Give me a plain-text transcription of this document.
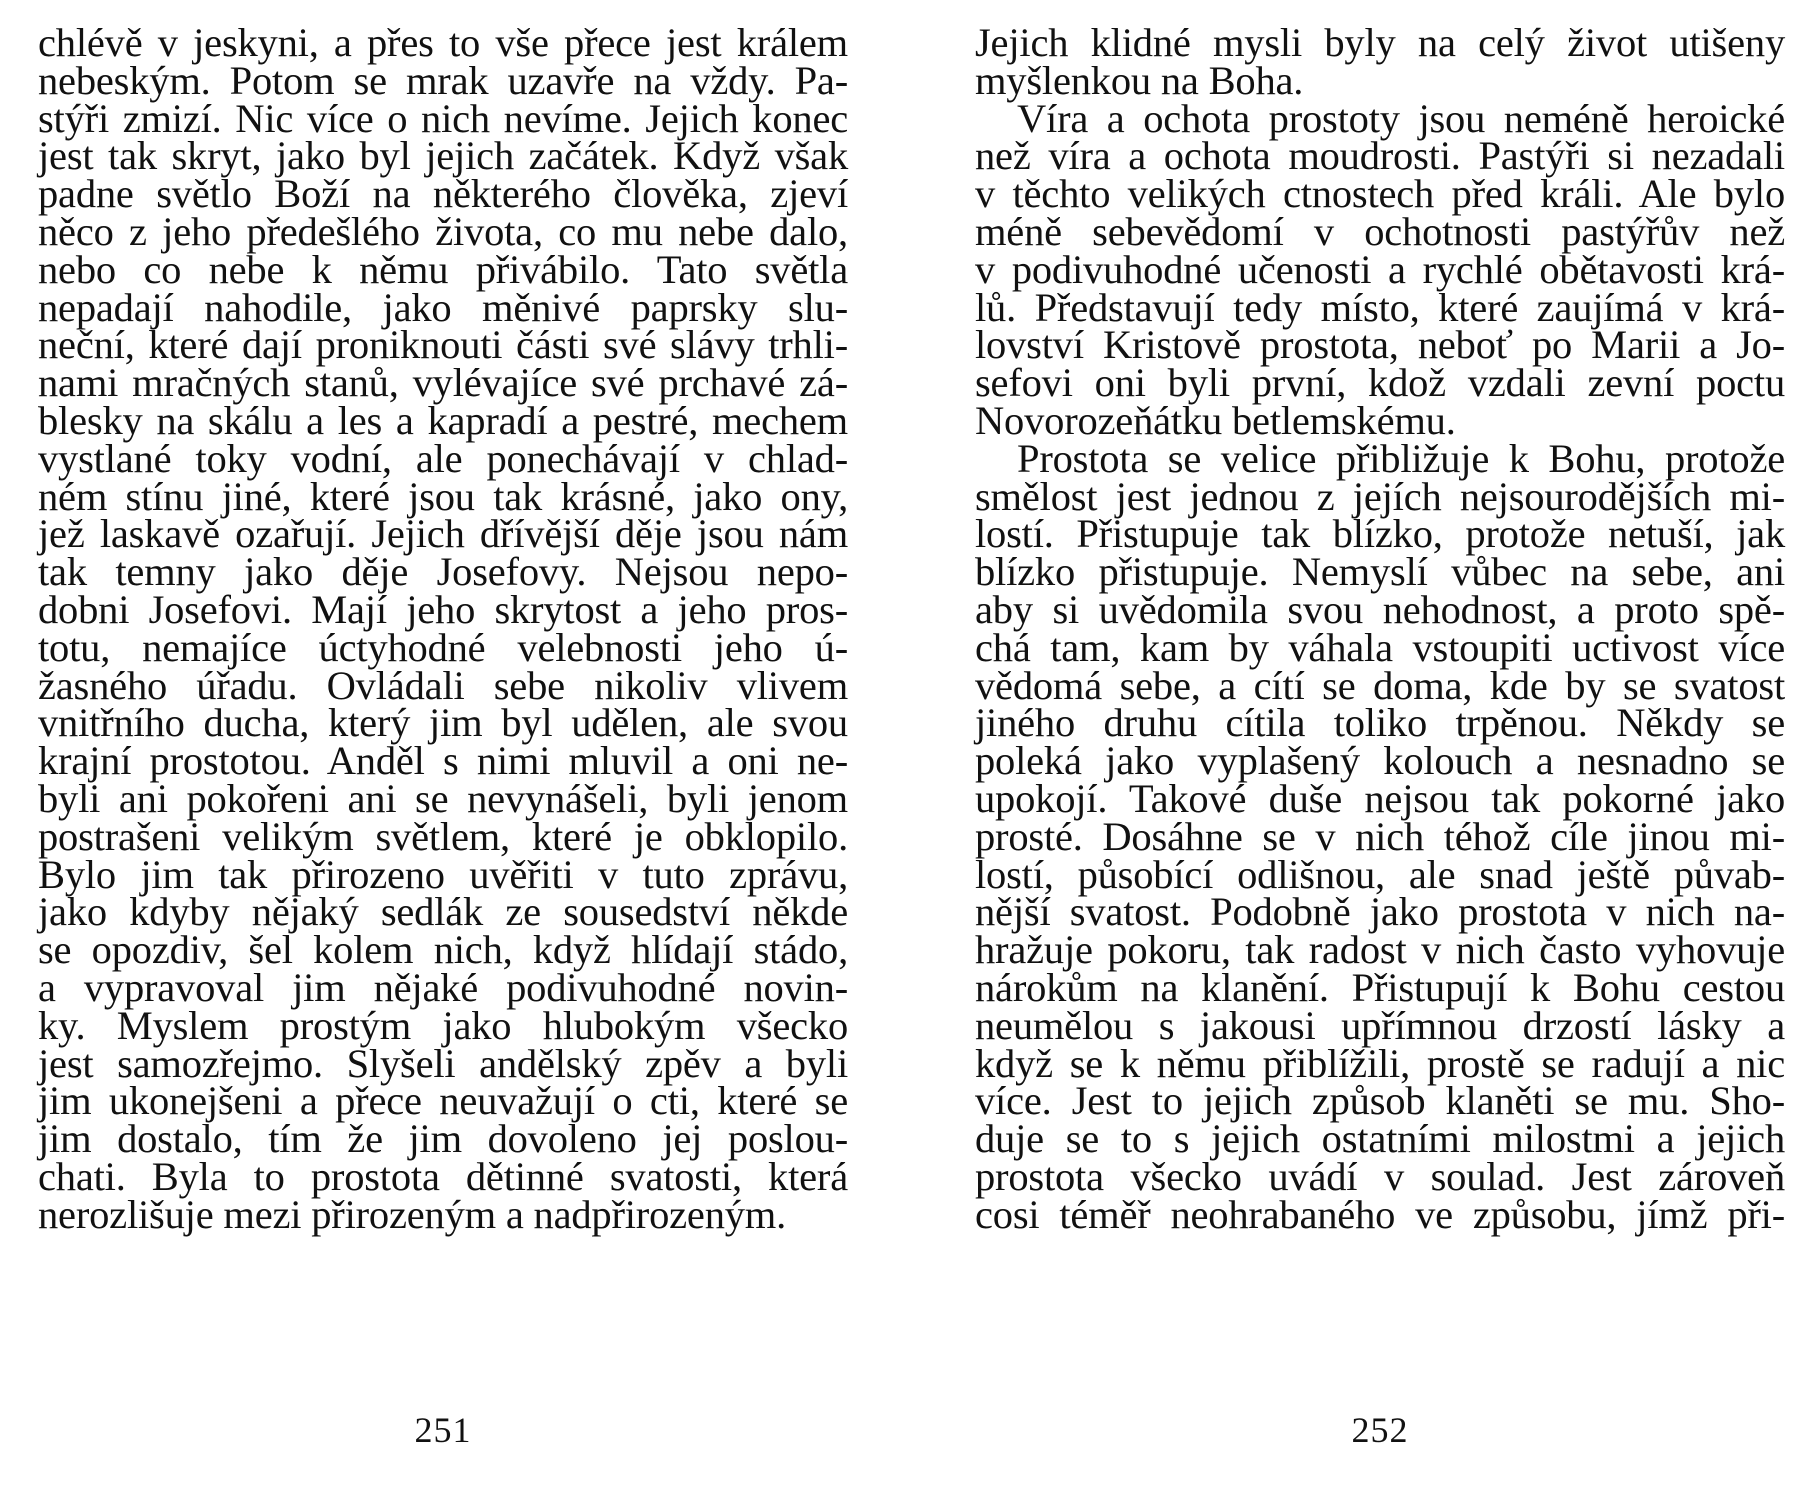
chlévě v jeskyni, a přes to vše přece jest králem
nebeským. Potom se mrak uzavře na vždy. Pa-
stýři zmizí. Nic více o nich nevíme. Jejich konec
jest tak skryt, jako byl jejich začátek. Když však
padne světlo Boží na některého člověka, zjeví
něco z jeho předešlého života, co mu nebe dalo,
nebo co nebe k němu přivábilo. Tato světla
nepadají nahodile, jako měnivé paprsky slu-
neční, které dají proniknouti části své slávy trhli-
nami mračných stanů, vylévajíce své prchavé zá-
blesky na skálu a les a kapradí a pestré, mechem
vystlané toky vodní, ale ponechávají v chlad-
ném stínu jiné, které jsou tak krásné, jako ony,
jež laskavě ozařují. Jejich dřívější děje jsou nám
tak temny jako děje Josefovy. Nejsou nepo-
dobni Josefovi. Mají jeho skrytost a jeho pros-
totu, nemajíce úctyhodné velebnosti jeho ú-
žasného úřadu. Ovládali sebe nikoliv vlivem
vnitřního ducha, který jim byl udělen, ale svou
krajní prostotou. Anděl s nimi mluvil a oni ne-
byli ani pokořeni ani se nevynášeli, byli jenom
postrašeni velikým světlem, které je obklopilo.
Bylo jim tak přirozeno uvěřiti v tuto zprávu,
jako kdyby nějaký sedlák ze sousedství někde
se opozdiv, šel kolem nich, když hlídají stádo,
a vypravoval jim nějaké podivuhodné novin-
ky. Myslem prostým jako hlubokým všecko
jest samozřejmo. Slyšeli andělský zpěv a byli
jim ukonejšeni a přece neuvažují o cti, které se
jim dostalo, tím že jim dovoleno jej poslou-
chati. Byla to prostota dětinné svatosti, která
nerozlišuje mezi přirozeným a nadpřirozeným.
251
Jejich klidné mysli byly na celý život utišeny
myšlenkou na Boha.
Víra a ochota prostoty jsou neméně heroické
než víra a ochota moudrosti. Pastýři si nezadali
v těchto velikých ctnostech před králi. Ale bylo
méně sebevědomí v ochotnosti pastýřův než
v podivuhodné učenosti a rychlé obětavosti krá-
lů. Představují tedy místo, které zaujímá v krá-
lovství Kristově prostota, neboť po Marii a Jo-
sefovi oni byli první, kdož vzdali zevní poctu
Novorozeňátku betlemskému.
Prostota se velice přibližuje k Bohu, protože
smělost jest jednou z jejích nejsourodějších mi-
lostí. Přistupuje tak blízko, protože netuší, jak
blízko přistupuje. Nemyslí vůbec na sebe, ani
aby si uvědomila svou nehodnost, a proto spě-
chá tam, kam by váhala vstoupiti uctivost více
vědomá sebe, a cítí se doma, kde by se svatost
jiného druhu cítila toliko trpěnou. Někdy se
poleká jako vyplašený kolouch a nesnadno se
upokojí. Takové duše nejsou tak pokorné jako
prosté. Dosáhne se v nich téhož cíle jinou mi-
lostí, působící odlišnou, ale snad ještě půvab-
nější svatost. Podobně jako prostota v nich na-
hražuje pokoru, tak radost v nich často vyhovuje
nárokům na klanění. Přistupují k Bohu cestou
neumělou s jakousi upřímnou drzostí lásky a
když se k němu přiblížili, prostě se radují a nic
více. Jest to jejich způsob klaněti se mu. Sho-
duje se to s jejich ostatními milostmi a jejich
prostota všecko uvádí v soulad. Jest zároveň
cosi téměř neohrabaného ve způsobu, jímž při-
252
